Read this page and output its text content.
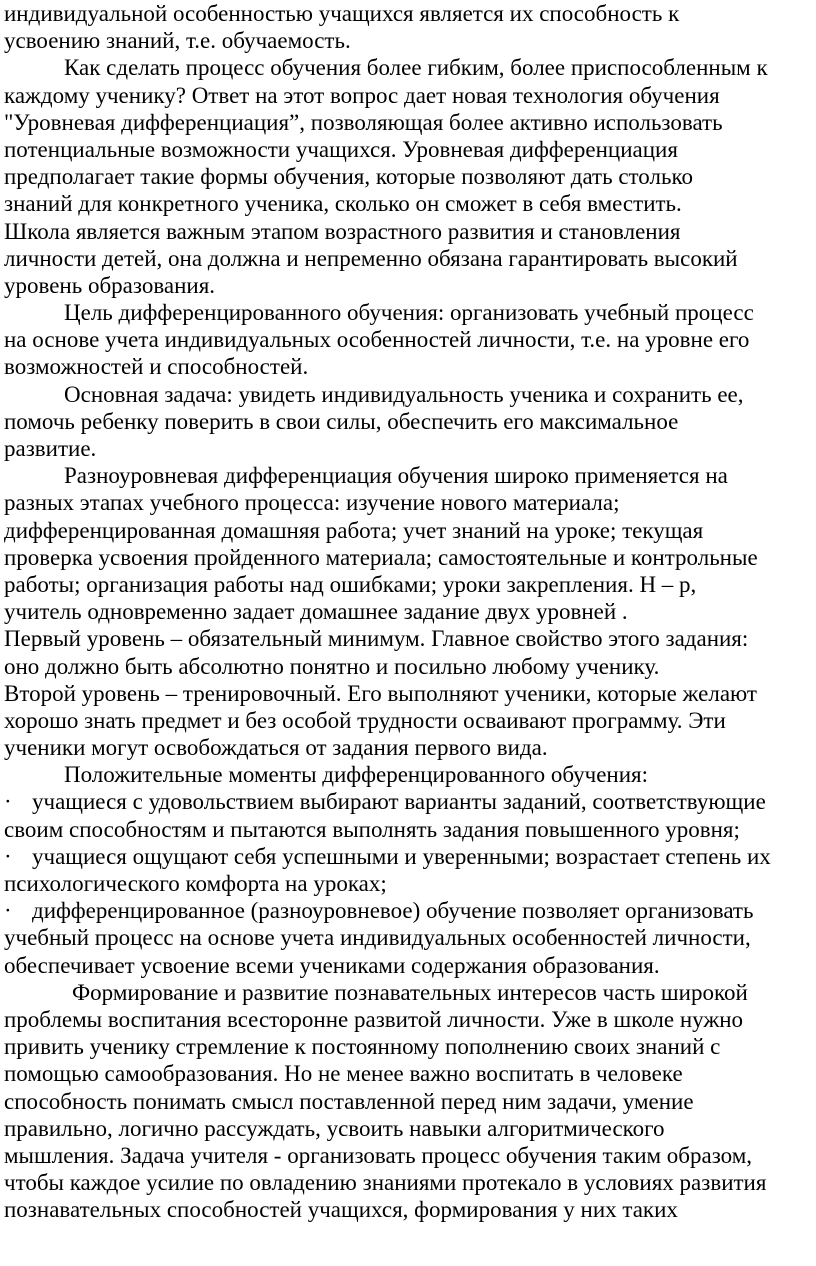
индивидуальной особенностью учащихся является их способность к
усвоению знаний, т.е. обучаемость.
Как сделать процесс обучения более гибким, более приспособленным к
каждому ученику? Ответ на этот вопрос дает новая технология обучения
"Уровневая дифференциация”, позволяющая более активно использовать
потенциальные возможности учащихся. Уровневая дифференциация
предполагает такие формы обучения, которые позволяют дать столько
знаний для конкретного ученика, сколько он сможет в себя вместить.
Школа является важным этапом возрастного развития и становления
личности детей, она должна и непременно обязана гарантировать высокий
уровень образования.
Цель дифференцированного обучения: организовать учебный процесс
на основе учета индивидуальных особенностей личности, т.е. на уровне его
возможностей и способностей.
Основная задача: увидеть индивидуальность ученика и сохранить ее,
помочь ребенку поверить в свои силы, обеспечить его максимальное
развитие.
Разноуровневая дифференциация обучения широко применяется на
разных этапах учебного процесса: изучение нового материала;
дифференцированная домашняя работа; учет знаний на уроке; текущая
проверка усвоения пройденного материала; самостоятельные и контрольные
работы; организация работы над ошибками; уроки закрепления. Н – р,
учитель одновременно задает домашнее задание двух уровней .
Первый уровень – обязательный минимум. Главное свойство этого задания:
оно должно быть абсолютно понятно и посильно любому ученику.
Второй уровень – тренировочный. Его выполняют ученики, которые желают
хорошо знать предмет и без особой трудности осваивают программу. Эти
ученики могут освобождаться от задания первого вида.
Положительные моменты дифференцированного обучения:
· учащиеся с удовольствием выбирают варианты заданий, соответствующие
своим способностям и пытаются выполнять задания повышенного уровня;
· учащиеся ощущают себя успешными и уверенными; возрастает степень их
психологического комфорта на уроках;
· дифференцированное (разноуровневое) обучение позволяет организовать
учебный процесс на основе учета индивидуальных особенностей личности,
обеспечивает усвоение всеми учениками содержания образования.
Формирование и развитие познавательных интересов часть широкой
проблемы воспитания всесторонне развитой личности. Уже в школе нужно
привить ученику стремление к постоянному пополнению своих знаний с
помощью самообразования. Но не менее важно воспитать в человеке
способность понимать смысл поставленной перед ним задачи, умение
правильно, логично рассуждать, усвоить навыки алгоритмического
мышления. Задача учителя - организовать процесс обучения таким образом,
чтобы каждое усилие по овладению знаниями протекало в условиях развития
познавательных способностей учащихся, формирования у них таких
